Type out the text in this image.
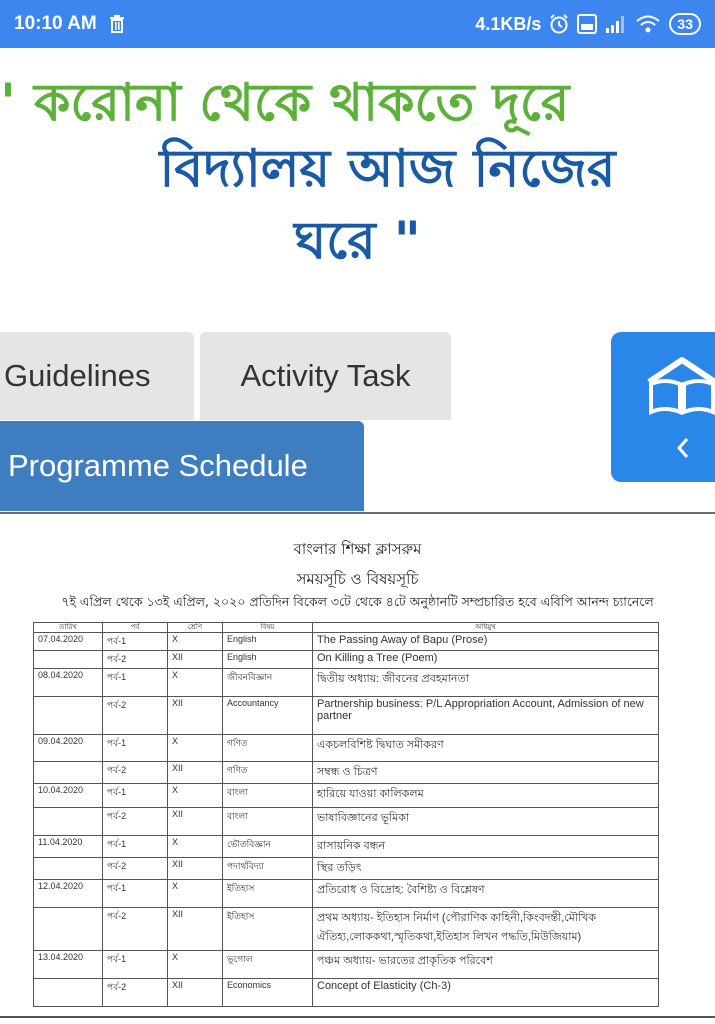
10:10 AM	4.1KB/s	33
' করোনা থেকে থাকতে দূরে
বিদ্যালয় আজ নিজের
ঘরে "
Guidelines	Activity Task
Programme Schedule
বাংলার শিক্ষা ক্লাসরুম
সময়সূচি ও বিষয়সূচি
৭ই এপ্রিল থেকে ১৩ই এপ্রিল, ২০২০ প্রতিদিন বিকেল ৩টে থেকে ৪টে অনুষ্ঠানটি সম্প্রচারিত হবে এবিপি আনন্দ চ্যানেলে
তারিখ	পর্ব	শ্রেণি	বিষয়	অধিমুখ
07.04.2020	পর্ব-1	X	English	The Passing Away of Bapu (Prose)
	পর্ব-2	XII	English	On Killing a Tree (Poem)
08.04.2020	পর্ব-1	X	জীবনবিজ্ঞান	দ্বিতীয় অধ্যায়: জীবনের প্রবহমানতা
	পর্ব-2	XII	Accountancy	Partnership business: P/L Appropriation Account, Admission of new partner
09.04.2020	পর্ব-1	X	গণিত	একচলবিশিষ্ট দ্বিঘাত সমীকরণ
	পর্ব-2	XII	গণিত	সম্বন্ধ ও চিত্রণ
10.04.2020	পর্ব-1	X	বাংলা	হারিয়ে যাওয়া কালিকলম
	পর্ব-2	XII	বাংলা	ভাষাবিজ্ঞানের ভূমিকা
11.04.2020	পর্ব-1	X	ভৌতবিজ্ঞান	রাসায়নিক বন্ধন
	পর্ব-2	XII	পদার্থবিদ্যা	স্থির তড়িৎ
12.04.2020	পর্ব-1	X	ইতিহাস	প্রতিরোধ ও বিদ্রোহ: বৈশিষ্ট্য ও বিশ্লেষণ
	পর্ব-2	XII	ইতিহাস	প্রথম অধ্যায়- ইতিহাস নির্মাণ (পৌরাণিক কাহিনী,কিংবদন্তী,মৌখিক ঐতিহ্য,লোককথা,স্মৃতিকথা,ইতিহাস লিখন পদ্ধতি,মিউজিয়াম)
13.04.2020	পর্ব-1	X	ভূগোল	পঞ্চম অধ্যায়- ভারতের প্রাকৃতিক পরিবেশ
	পর্ব-2	XII	Economics	Concept of Elasticity (Ch-3)
